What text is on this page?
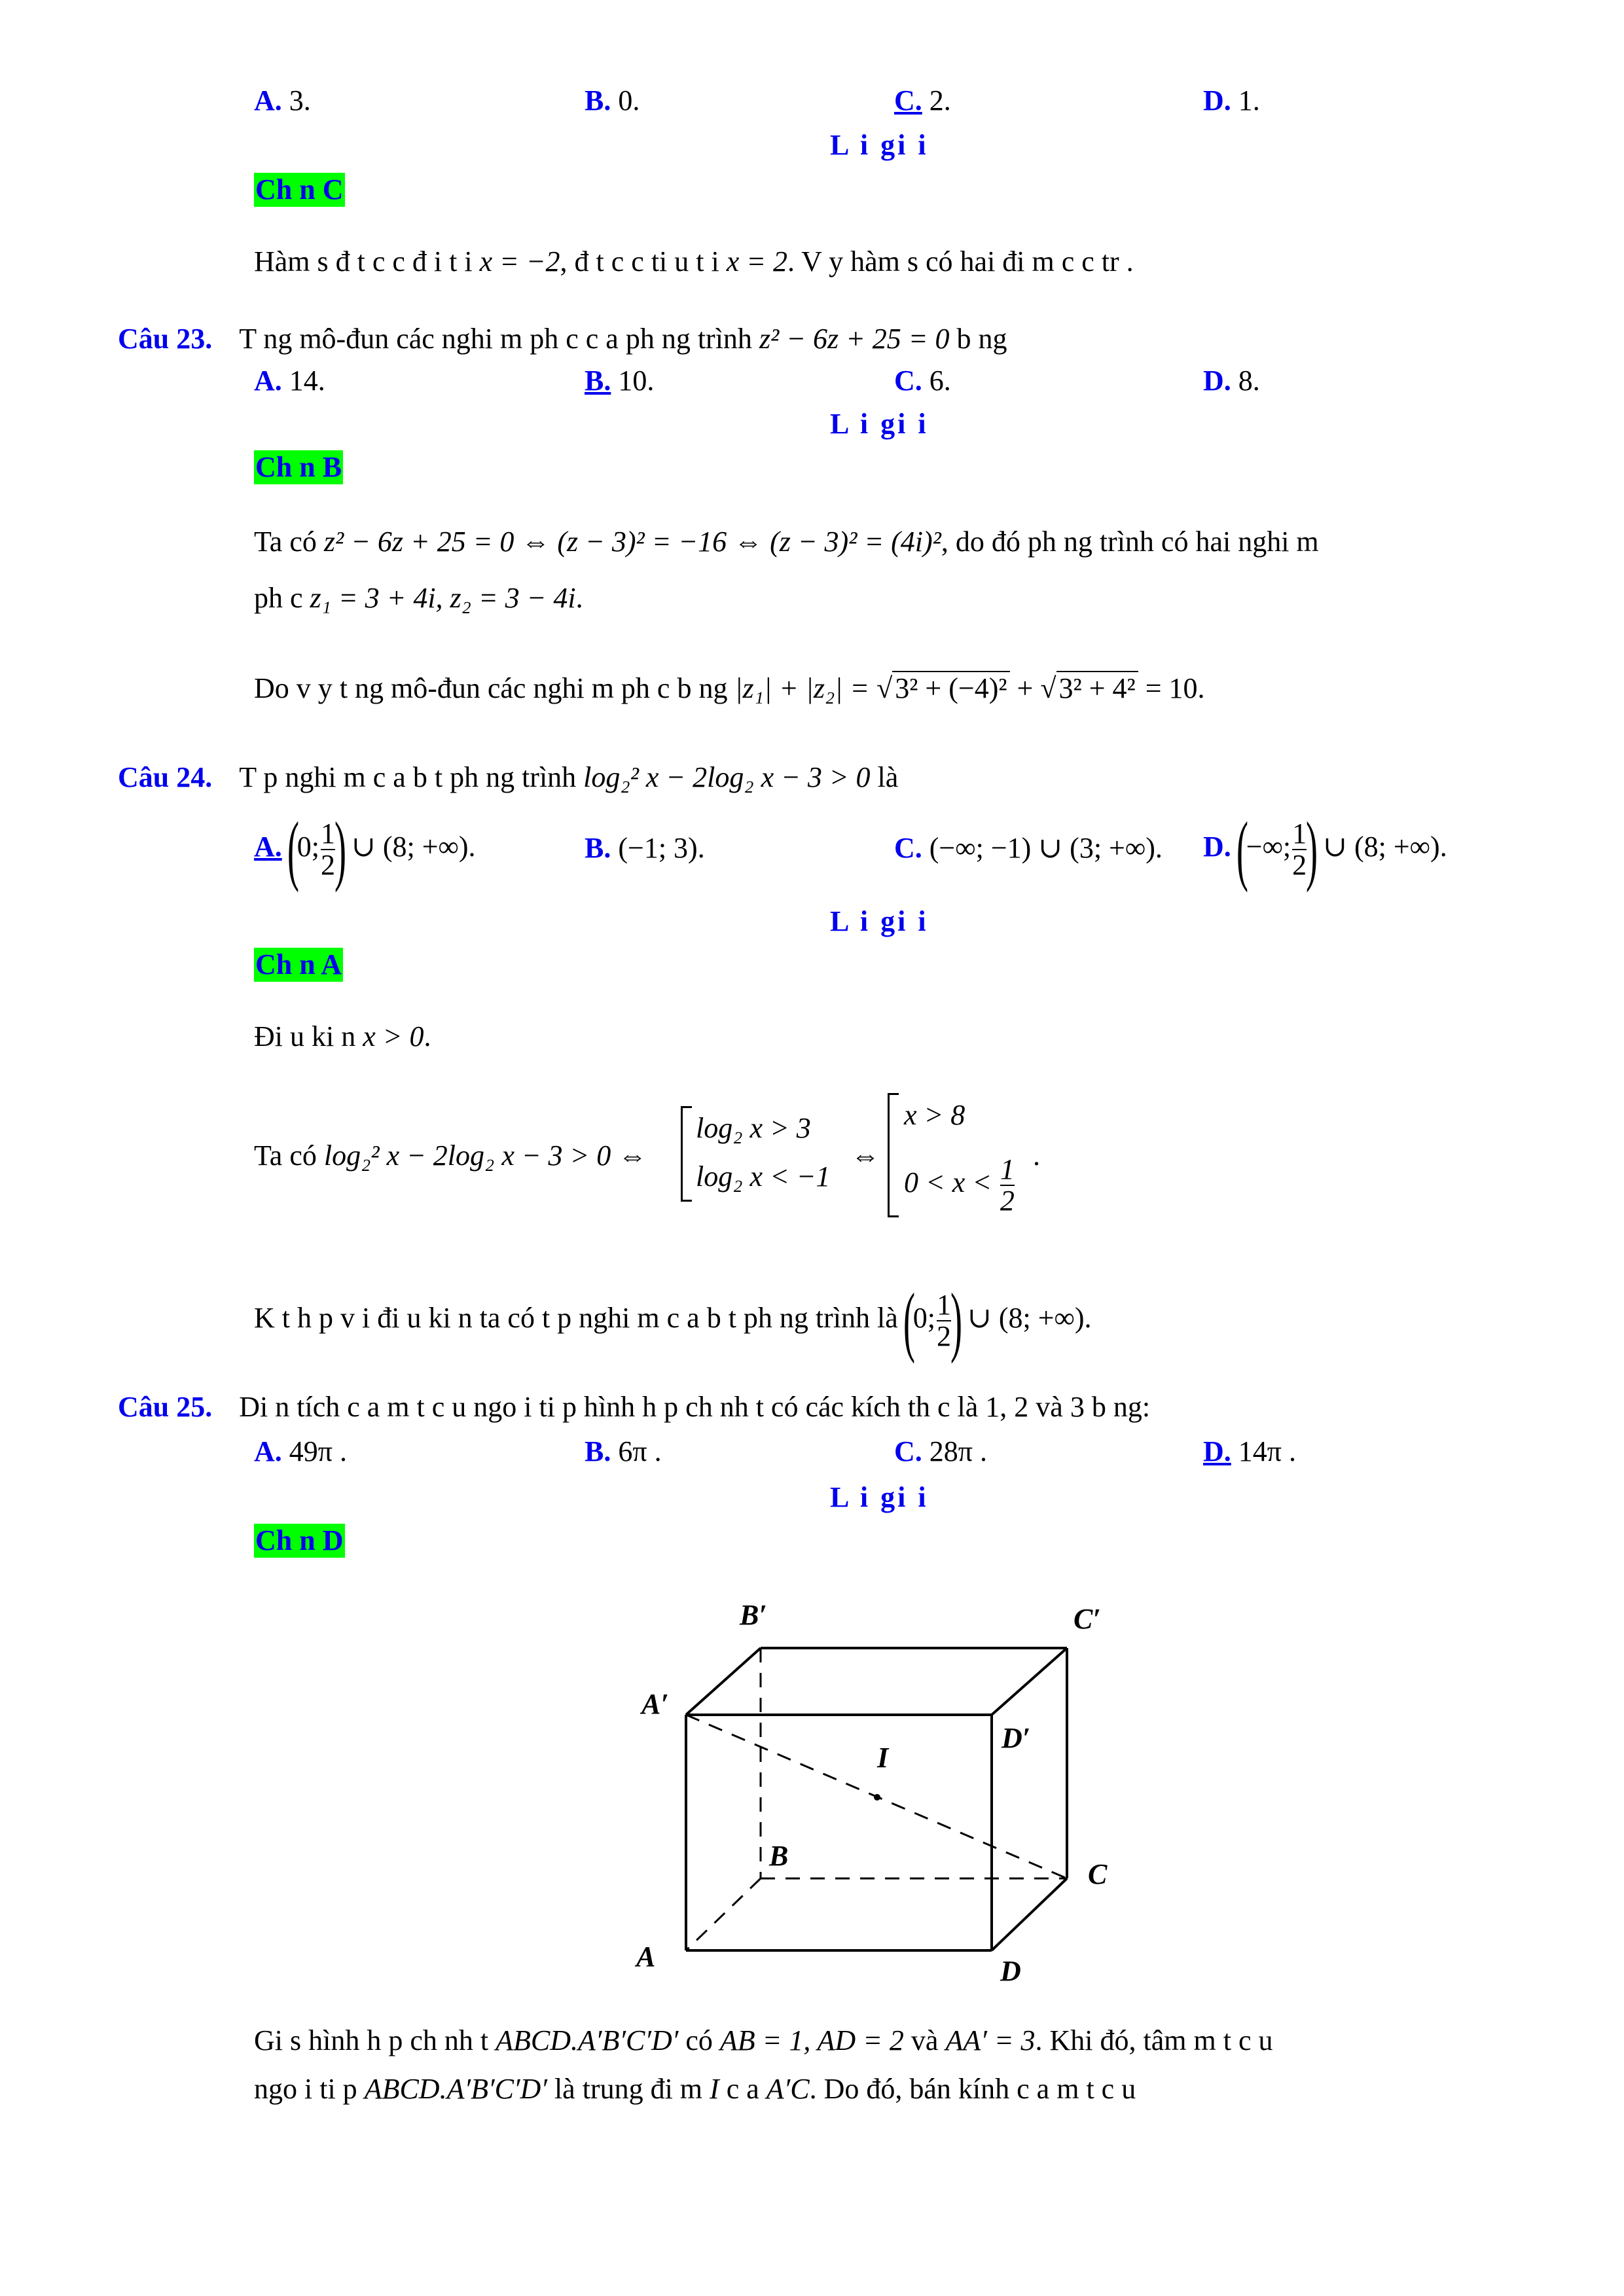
A. 3.	B. 0.	C. 2.	D. 1.
L i gi i
Ch n C
Hàm s đ t c c đ i t i x = −2, đ t c c ti u t i x = 2. V y hàm s có hai đi m c c tr .
Câu 23. T ng mô-đun các nghi m ph c c a ph ng trình z² − 6z + 25 = 0 b ng
A. 14.	B. 10.	C. 6.	D. 8.
L i gi i
Ch n B
Ta có z² − 6z + 25 = 0 ⇔ (z − 3)² = −16 ⇔ (z − 3)² = (4i)², do đó ph ng trình có hai nghi m
ph c z₁ = 3 + 4i, z₂ = 3 − 4i.
Do v y t ng mô-đun các nghi m ph c b ng |z₁| + |z₂| = √3² + (−4)² + √3² + 4² = 10.
Câu 24. T p nghi m c a b t ph ng trình log₂² x − 2log₂ x − 3 > 0 là
A. (0; $\frac{1}{2}$
) ∪ (8; +∞).	B. (−1; 3).	C. (−∞; −1) ∪ (3; +∞). D. (−∞; $\frac{1}{2}$
) ∪ (8; +∞).
L i gi i
Ch n A
Đi u ki n x > 0.
Ta có log₂² x − 2log₂ x − 3 > 0 ⇔
log₂ x > 3
log₂ x < −1
⇔
x > 8
$0 < x < \frac{1}{2}$ .
K t h p v i đi u ki n ta có t p nghi m c a b t ph ng trình là (0; $\frac{1}{2}$
) ∪ (8; +∞).
Câu 25. Di n tích c a m t c u ngo i ti p hình h p ch nh t có các kích th c là 1, 2 và 3 b ng:
A. 49π .	B. 6π .	C. 28π .	D. 14π .
L i gi i
Ch n D
B′	C′
A′
D′
I
B
C
A	D
Gi s hình h p ch nh t ABCD.A′B′C′D′ có AB = 1, AD = 2 và AA′ = 3. Khi đó, tâm m t c u
ngo i ti p ABCD.A′B′C′D′ là trung đi m I c a A′C. Do đó, bán kính c a m t c u
